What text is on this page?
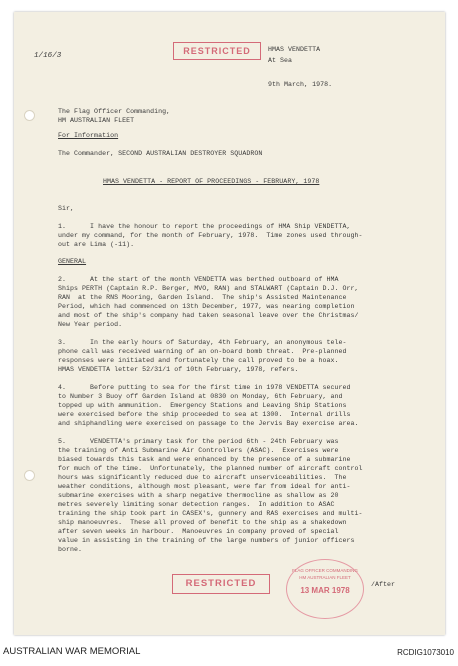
1/16/3	RESTRICTED	HMAS VENDETTA
At Sea
9th March, 1978.
The Flag Officer Commanding,
HM AUSTRALIAN FLEET
For Information
The Commander, SECOND AUSTRALIAN DESTROYER SQUADRON
HMAS VENDETTA - REPORT OF PROCEEDINGS - FEBRUARY, 1978
Sir,
1.      I have the honour to report the proceedings of HMA Ship VENDETTA,
under my command, for the month of February, 1978.  Time zones used through-
out are Lima (-11).
GENERAL
2.      At the start of the month VENDETTA was berthed outboard of HMA
Ships PERTH (Captain R.P. Berger, MVO, RAN) and STALWART (Captain D.J. Orr,
RAN  at the RNS Mooring, Garden Island.  The ship's Assisted Maintenance
Period, which had commenced on 13th December, 1977, was nearing completion
and most of the ship's company had taken seasonal leave over the Christmas/
New Year period.
3.      In the early hours of Saturday, 4th February, an anonymous tele-
phone call was received warning of an on-board bomb threat.  Pre-planned
responses were initiated and fortunately the call proved to be a hoax.
HMAS VENDETTA letter 52/31/1 of 10th February, 1978, refers.
4.      Before putting to sea for the first time in 1978 VENDETTA secured
to Number 3 Buoy off Garden Island at 0830 on Monday, 6th February, and
topped up with ammunition.  Emergency Stations and Leaving Ship Stations
were exercised before the ship proceeded to sea at 1300.  Internal drills
and shiphandling were exercised on passage to the Jervis Bay exercise area.
5.      VENDETTA's primary task for the period 6th - 24th February was
the training of Anti Submarine Air Controllers (ASAC).  Exercises were
biased towards this task and were enhanced by the presence of a submarine
for much of the time.  Unfortunately, the planned number of aircraft control
hours was significantly reduced due to aircraft unserviceabilities.  The
weather conditions, although most pleasant, were far from ideal for anti-
submarine exercises with a sharp negative thermocline as shallow as 20
metres severely limiting sonar detection ranges.  In addition to ASAC
training the ship took part in CASEX's, gunnery and RAS exercises and multi-
ship manoeuvres.  These all proved of benefit to the ship as a shakedown
after seven weeks in harbour.  Manoeuvres in company proved of special
value in assisting in the training of the large numbers of junior officers
borne.
RESTRICTED
FLAG OFFICER COMMANDING
HM AUSTRALIAN FLEET
13 MAR 1978
/After
AUSTRALIAN WAR MEMORIAL	RCDIG1073010
